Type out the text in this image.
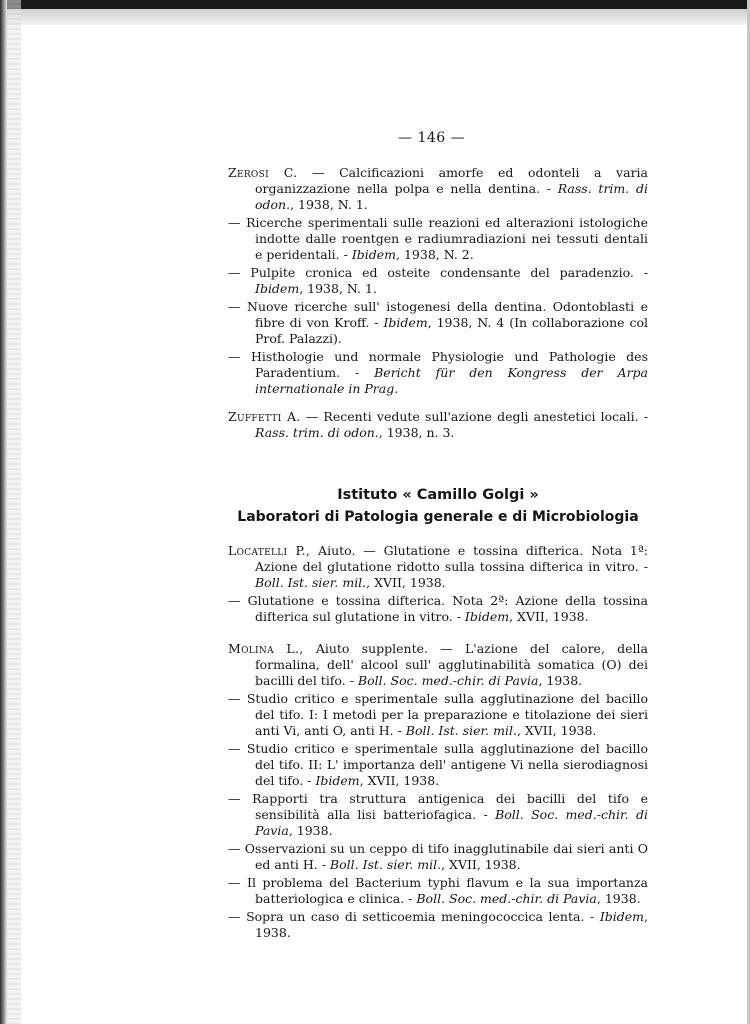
— 146 —

Zerosi C. — Calcificazioni amorfe ed odonteli a varia organizzazione nella polpa e nella dentina. - Rass. trim. di odon., 1938, N. 1.

— Ricerche sperimentali sulle reazioni ed alterazioni istologiche indotte dalle roentgen e radiumradiazioni nei tessuti dentali e peridentali. - Ibidem, 1938, N. 2.

— Pulpite cronica ed osteite condensante del paradenzio. - Ibidem, 1938, N. 1.

— Nuove ricerche sull' istogenesi della dentina. Odontoblasti e fibre di von Kroff. - Ibidem, 1938, N. 4 (In collaborazione col Prof. Palazzi).

— Histhologie und normale Physiologie und Pathologie des Paradentium. - Bericht für den Kongress der Arpa internationale in Prag.

Zuffetti A. — Recenti vedute sull'azione degli anestetici locali. - Rass. trim. di odon., 1938, n. 3.

Istituto « Camillo Golgi »
Laboratori di Patologia generale e di Microbiologia

Locatelli P., Aiuto. — Glutatione e tossina difterica. Nota 1ª: Azione del glutatione ridotto sulla tossina difterica in vitro. - Boll. Ist. sier. mil., XVII, 1938.

— Glutatione e tossina difterica. Nota 2ª: Azione della tossina difterica sul glutatione in vitro. - Ibidem, XVII, 1938.

Molina L., Aiuto supplente. — L'azione del calore, della formalina, dell' alcool sull' agglutinabilità somatica (O) dei bacilli del tifo. - Boll. Soc. med.-chir. di Pavia, 1938.

— Studio critico e sperimentale sulla agglutinazione del bacillo del tifo. I: I metodi per la preparazione e titolazione dei sieri anti Vi, anti O, anti H. - Boll. Ist. sier. mil., XVII, 1938.

— Studio critico e sperimentale sulla agglutinazione del bacillo del tifo. II: L' importanza dell' antigene Vi nella sierodiagnosi del tifo. - Ibidem, XVII, 1938.

— Rapporti tra struttura antigenica dei bacilli del tifo e sensibilità alla lisi batteriofagica. - Boll. Soc. med.-chir. di Pavia, 1938.

— Osservazioni su un ceppo di tifo inagglutinabile dai sieri anti O ed anti H. - Boll. Ist. sier. mil., XVII, 1938.

— Il problema del Bacterium typhi flavum e la sua importanza batteriologica e clinica. - Boll. Soc. med.-chir. di Pavia, 1938.

— Sopra un caso di setticoemia meningococcica lenta. - Ibidem, 1938.
